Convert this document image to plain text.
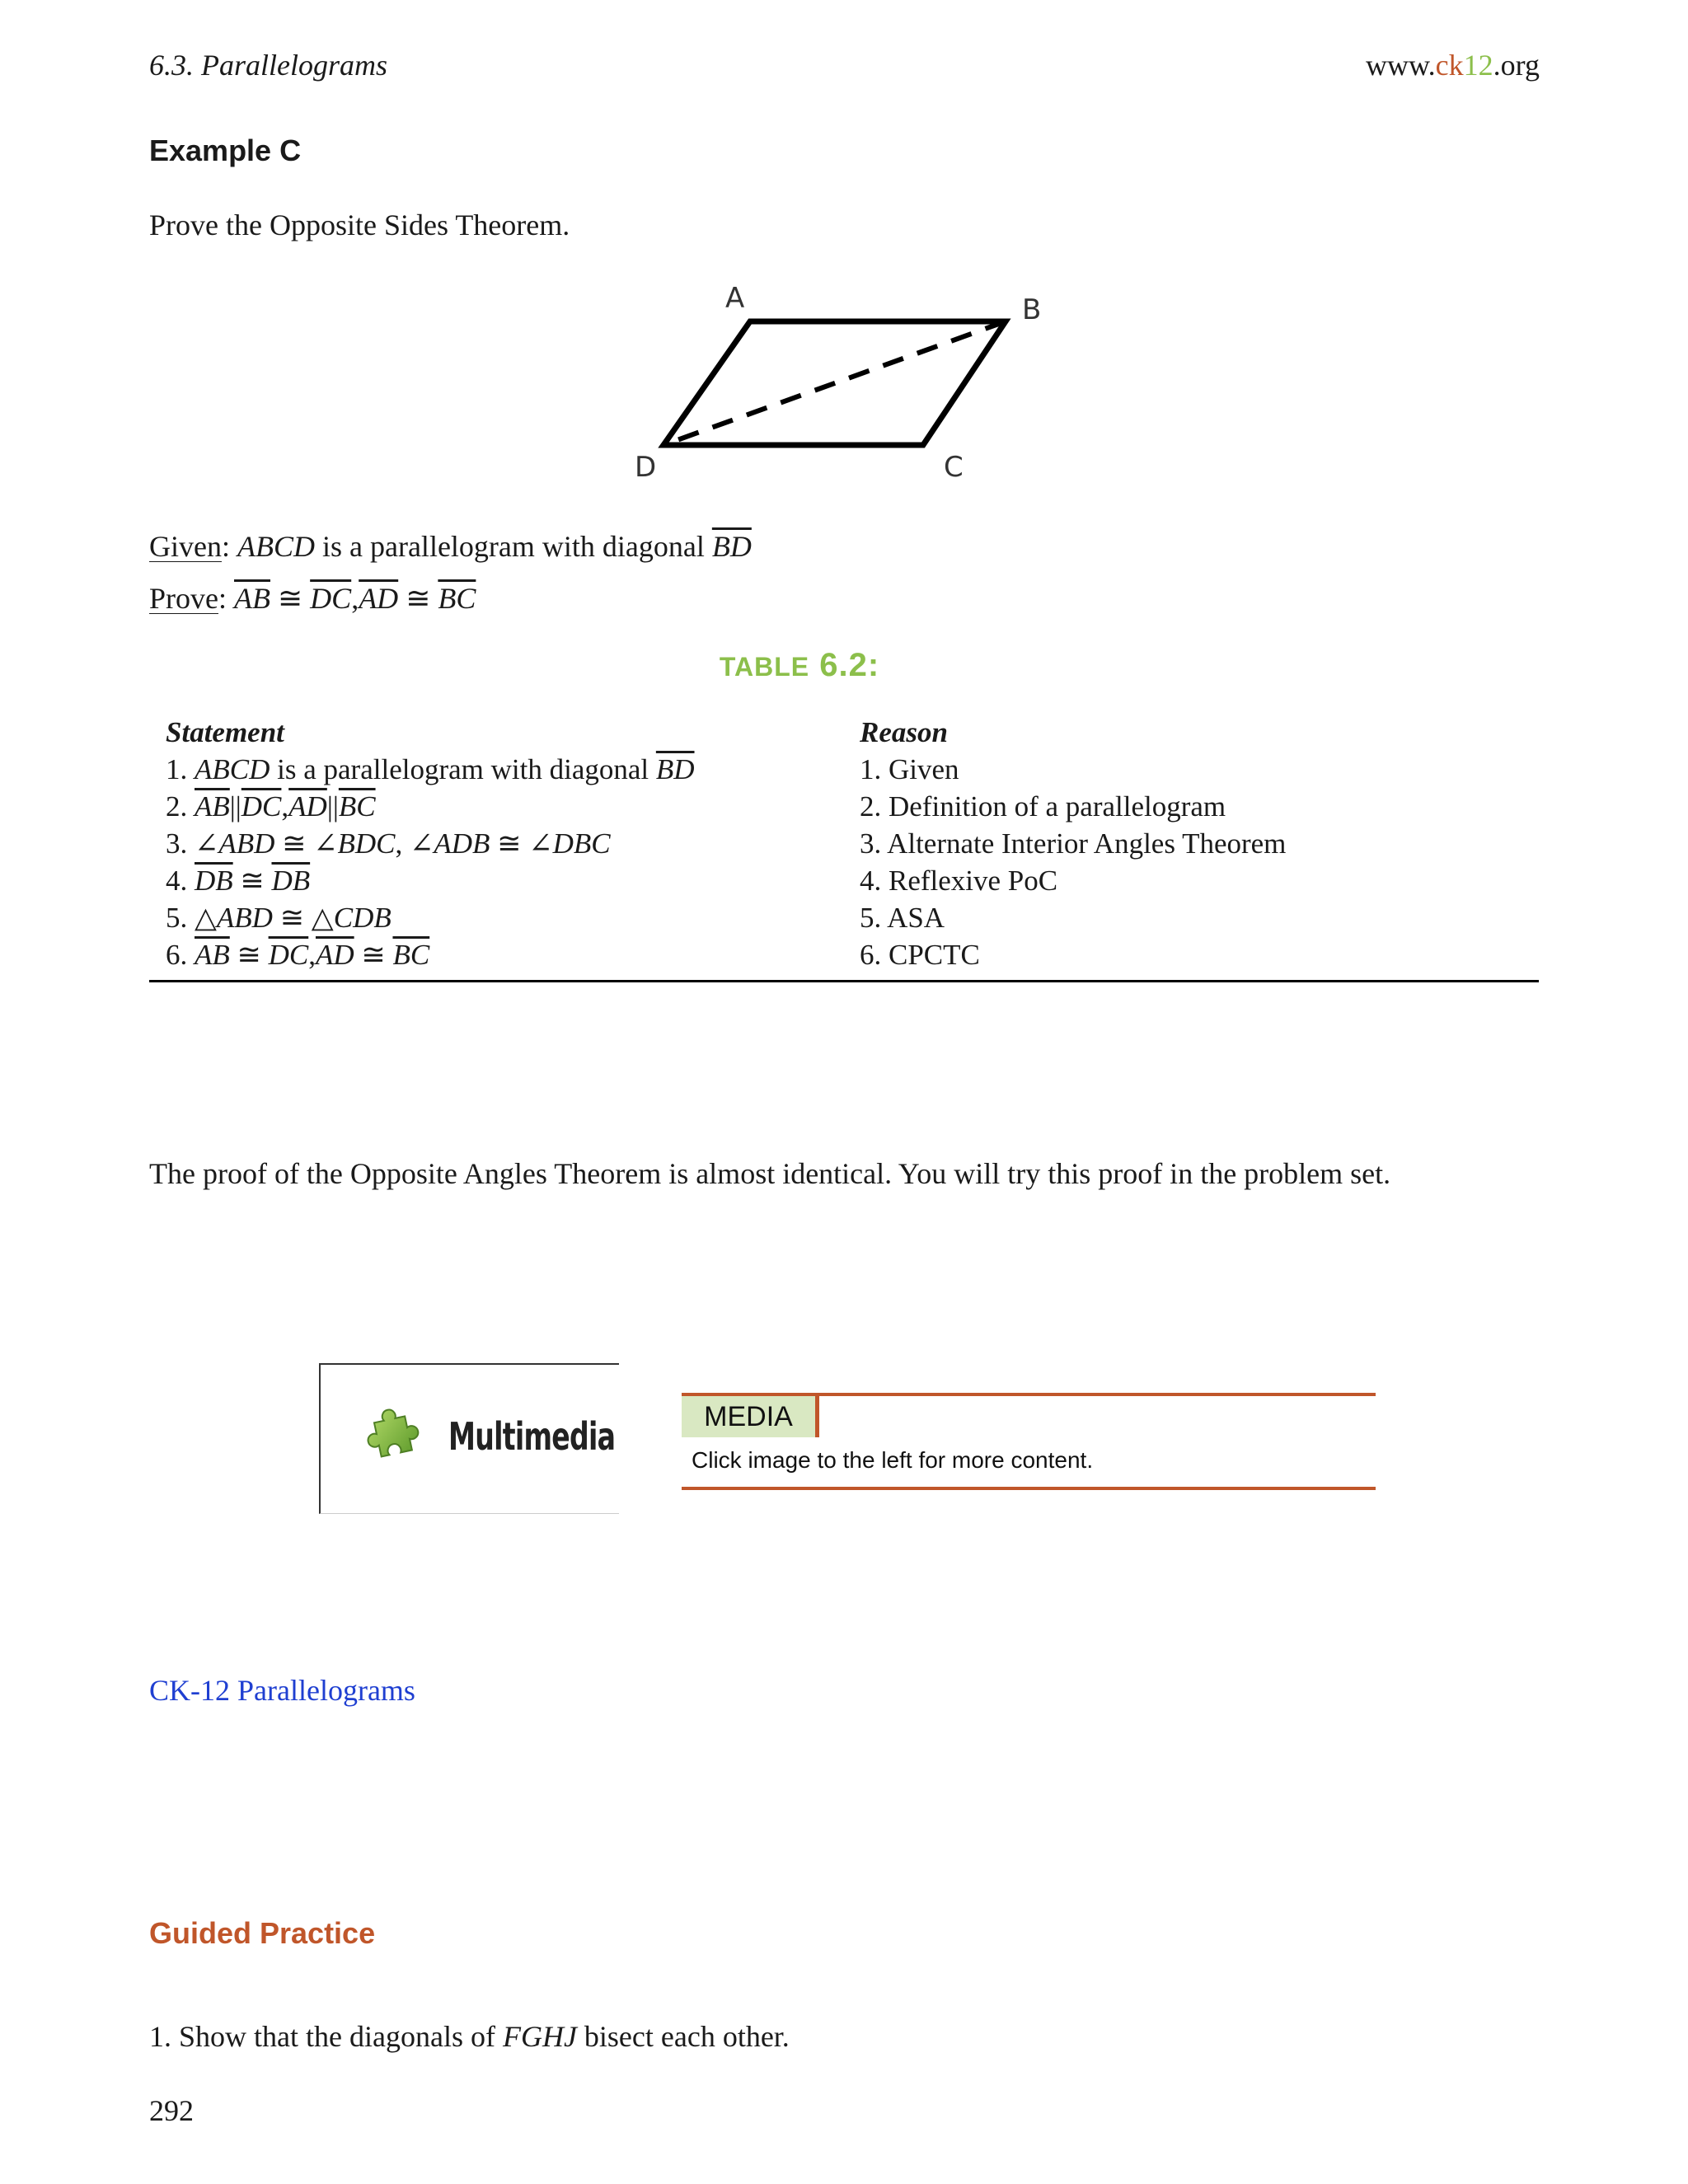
6.3. Parallelograms	www.ck12.org
Example C
Prove the Opposite Sides Theorem.
A	B
C
D
Given: ABCD is a parallelogram with diagonal $\overline{BD}$
Prove: $\overline{AB}$ ≅ $\overline{DC},\overline{AD}$ ≅ $\overline{BC}$
TABLE 6.2:
Statement	Reason
1. ABCD is a parallelogram with diagonal $\overline{BD}$	1. Given
2. $\overline{AB}||\overline{DC},\overline{AD}||\overline{BC}$	2. Definition of a parallelogram
3. ∠ABD ≅ ∠BDC, ∠ADB ≅ ∠DBC	3. Alternate Interior Angles Theorem
4. $\overline{DB}$ ≅ $\overline{DB}$	4. Reflexive PoC
5. △ABD ≅ △CDB	5. ASA
6. $\overline{AB}$ ≅ $\overline{DC},\overline{AD}$ ≅ $\overline{BC}$	6. CPCTC
The proof of the Opposite Angles Theorem is almost identical. You will try this proof in the problem set.
Multimedia	MEDIA
Click image to the left for more content.
CK-12 Parallelograms
Guided Practice
1. Show that the diagonals of FGHJ bisect each other.
292
